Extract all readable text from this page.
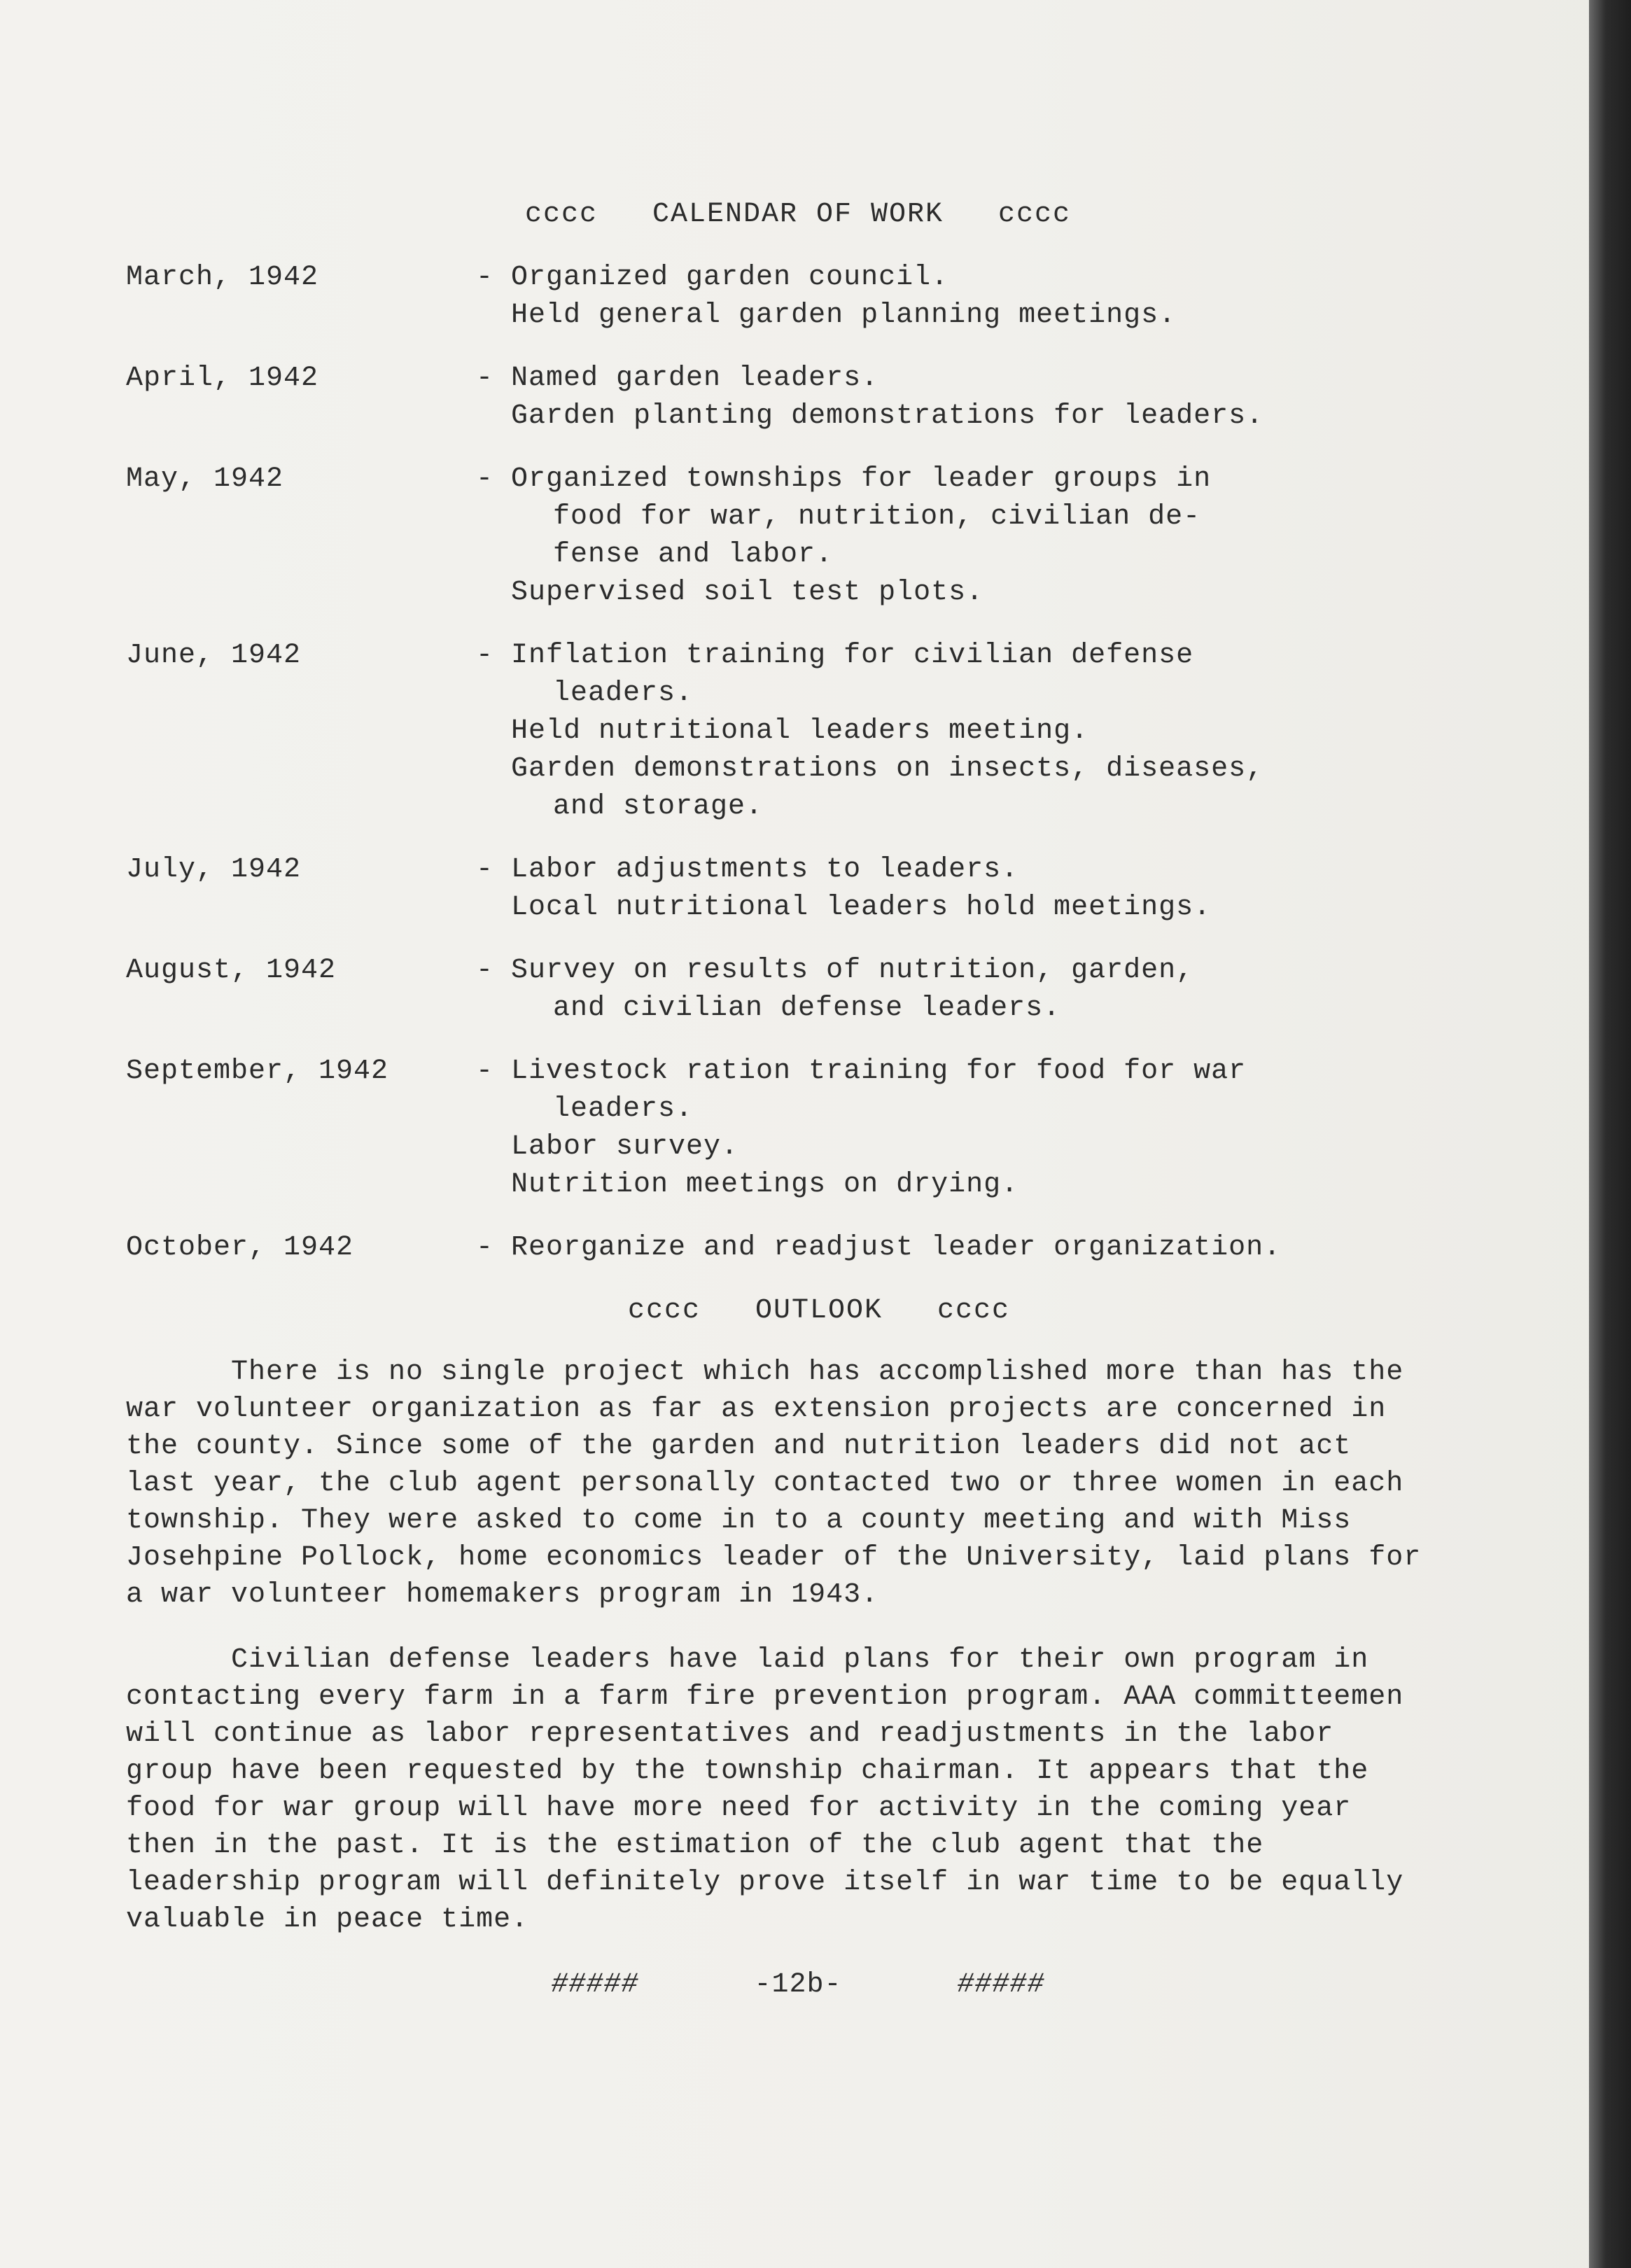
cccc CALENDAR OF WORK cccc
March, 1942	- Organized garden council.
Held general garden planning meetings.
April, 1942	- Named garden leaders.
Garden planting demonstrations for leaders.
May, 1942	- Organized townships for leader groups in
food for war, nutrition, civilian de-
fense and labor.
Supervised soil test plots.
June, 1942	- Inflation training for civilian defense
leaders.
Held nutritional leaders meeting.
Garden demonstrations on insects, diseases,
and storage.
July, 1942	- Labor adjustments to leaders.
Local nutritional leaders hold meetings.
August, 1942	- Survey on results of nutrition, garden,
and civilian defense leaders.
September, 1942	- Livestock ration training for food for war
leaders.
Labor survey.
Nutrition meetings on drying.
October, 1942	- Reorganize and readjust leader organization.
cccc OUTLOOK cccc

There is no single project which has accomplished more than has the war volunteer organization as far as extension projects are concerned in the county. Since some of the garden and nutrition leaders did not act last year, the club agent personally contacted two or three women in each township. They were asked to come in to a county meeting and with Miss Josehpine Pollock, home economics leader of the University, laid plans for a war volunteer homemakers program in 1943.

Civilian defense leaders have laid plans for their own program in contacting every farm in a farm fire prevention program. AAA committeemen will continue as labor representatives and readjustments in the labor group have been requested by the township chairman. It appears that the food for war group will have more need for activity in the coming year then in the past. It is the estimation of the club agent that the leadership program will definitely prove itself in war time to be equally valuable in peace time.

#####	-12b-	#####
